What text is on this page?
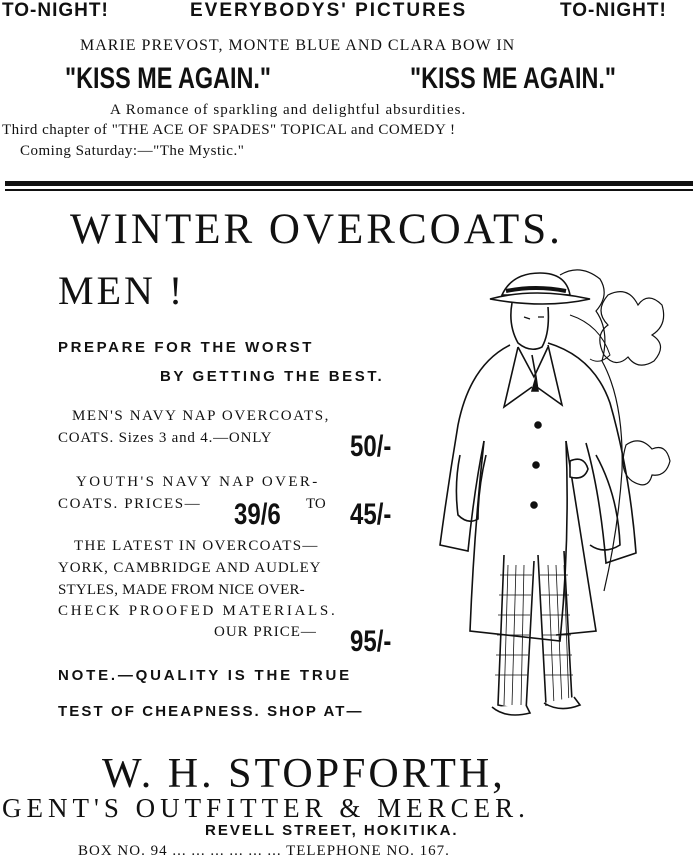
TO-NIGHT!	EVERYBODYS' PICTURES	TO-NIGHT!
MARIE PREVOST, MONTE BLUE AND CLARA BOW IN
"KISS ME AGAIN."	"KISS ME AGAIN."
A Romance of sparkling and delightful absurdities.
Third chapter of "THE ACE OF SPADES" TOPICAL and COMEDY !
Coming Saturday:—"The Mystic."
WINTER OVERCOATS.
MEN !
PREPARE FOR THE WORST
BY GETTING THE BEST.
MEN'S NAVY NAP OVERCOATS,
COATS. Sizes 3 and 4.—ONLY	50/-
YOUTH'S NAVY NAP OVER-
COATS. PRICES— 39/6 TO 45/-
THE LATEST IN OVERCOATS—
YORK, CAMBRIDGE AND AUDLEY
STYLES, MADE FROM NICE OVER-
CHECK PROOFED MATERIALS.
OUR PRICE— 95/-
NOTE.—QUALITY IS THE TRUE
TEST OF CHEAPNESS. SHOP AT—
W. H. STOPFORTH,
GENT'S OUTFITTER & MERCER.
REVELL STREET, HOKITIKA.
BOX NO. 94 ... ... ... ... ... ... TELEPHONE NO. 167.
